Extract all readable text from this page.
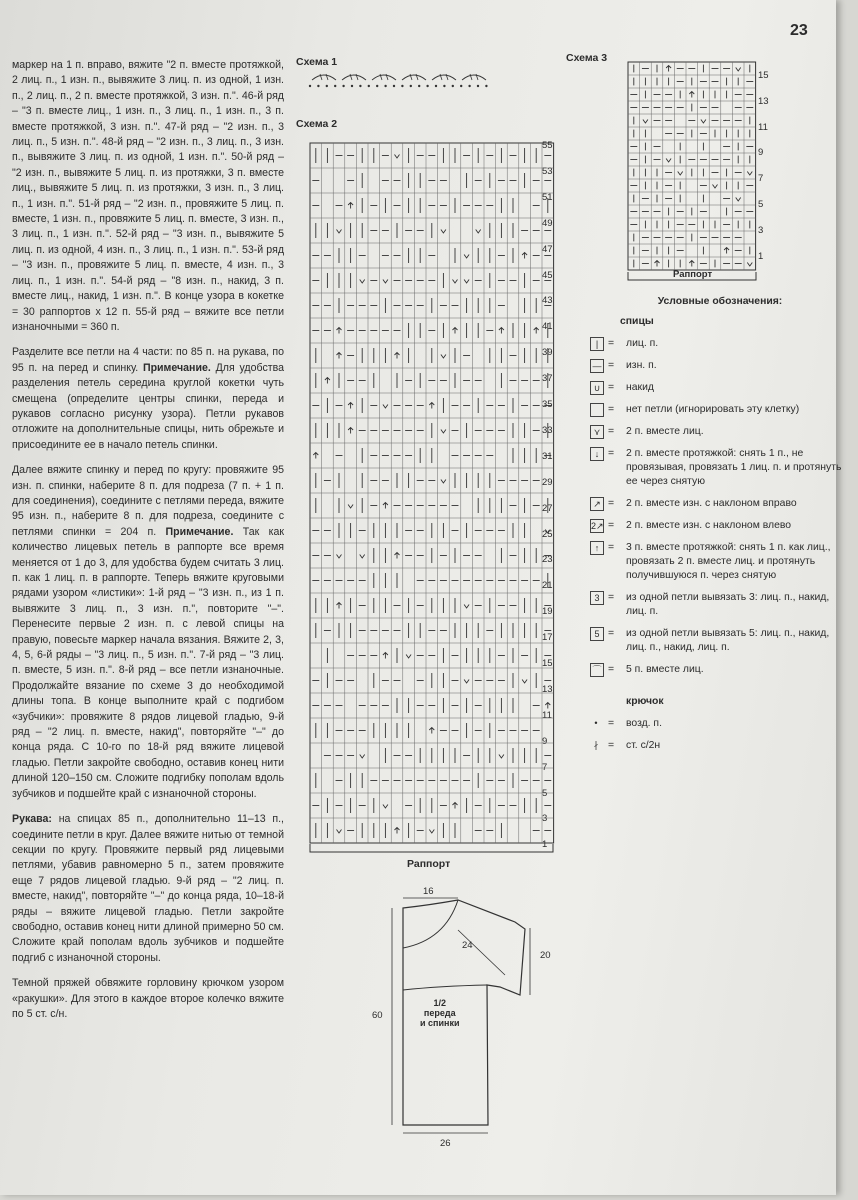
23

маркер на 1 п. вправо, вяжите "2 п. вместе протяжкой, 2 лиц. п., 1 изн. п., вывяжите 3 лиц. п. из одной, 1 изн. п., 2 лиц. п., 2 п. вместе протяжкой, 3 изн. п.". 46-й ряд – "3 п. вместе лиц., 1 изн. п., 3 лиц. п., 1 изн. п., 3 п. вместе протяжкой, 3 изн. п.". 47-й ряд – "2 изн. п., 3 лиц. п., 5 изн. п.". 48-й ряд – "2 изн. п., 3 лиц. п., 3 изн. п., вывяжите 3 лиц. п. из одной, 1 изн. п.". 50-й ряд – "2 изн. п., вывяжите 5 лиц. п. из протяжки, 3 п. вместе лиц., вывяжите 5 лиц. п. из протяжки, 3 изн. п., 3 лиц. п., 1 изн. п.". 51-й ряд – "2 изн. п., провяжите 5 лиц. п. вместе, 1 изн. п., провяжите 5 лиц. п. вместе, 3 изн. п., 3 лиц. п., 1 изн. п.". 52-й ряд – "3 изн. п., вывяжите 5 лиц. п. из одной, 4 изн. п., 3 лиц. п., 1 изн. п.". 53-й ряд – "3 изн. п., провяжите 5 лиц. п. вместе, 4 изн. п., 3 лиц. п., 1 изн. п.". 54-й ряд – "8 изн. п., накид, 3 п. вместе лиц., накид, 1 изн. п.". В конце узора в кокетке = 30 раппортов x 12 п. 55-й ряд – вяжите все петли изнаночными = 360 п.

Разделите все петли на 4 части: по 85 п. на рукава, по 95 п. на перед и спинку. Примечание. Для удобства разделения петель середина круглой кокетки чуть смещена (определите центры спинки, переда и рукавов согласно рисунку узора). Петли рукавов отложите на дополнительные спицы, нить обрежьте и присоедините ее в начало петель спинки.

Далее вяжите спинку и перед по кругу: провяжите 95 изн. п. спинки, наберите 8 п. для подреза (7 п. + 1 п. для соединения), соедините с петлями переда, вяжите 95 изн. п., наберите 8 п. для подреза, соедините с петлями спинки = 204 п. Примечание. Так как количество лицевых петель в раппорте все время меняется от 1 до 3, для удобства будем считать 3 лиц. п. как 1 лиц. п. в раппорте. Теперь вяжите круговыми рядами узором «листики»: 1-й ряд – "3 изн. п., из 1 п. вывяжите 3 лиц. п., 3 изн. п.", повторите "–". Перенесите первые 2 изн. п. с левой спицы на правую, повесьте маркер начала вязания. Вяжите 2, 3, 4, 5, 6-й ряды – "3 лиц. п., 5 изн. п.". 7-й ряд – "3 лиц. п. вместе, 5 изн. п.". 8-й ряд – все петли изнаночные. Продолжайте вязание по схеме 3 до необходимой длины топа. В конце выполните край с подгибом «зубчики»: провяжите 8 рядов лицевой гладью, 9-й ряд – "2 лиц. п. вместе, накид", повторяйте "–" до конца ряда. С 10-го по 18-й ряд вяжите лицевой гладью. Петли закройте свободно, оставив конец нити длиной 120–150 см. Сложите подгибку пополам вдоль зубчиков и подшейте край с изнаночной стороны.

Рукава: на спицах 85 п., дополнительно 11–13 п., соедините петли в круг. Далее вяжите нитью от темной секции по кругу. Провяжите первый ряд лицевыми петлями, убавив равномерно 5 п., затем провяжите еще 7 рядов лицевой гладью. 9-й ряд – "2 лиц. п. вместе, накид", повторяйте "–" до конца ряда, 10–18-й ряды – вяжите лицевой гладью. Петли закройте свободно, оставив конец нити длиной примерно 50 см. Сложите край пополам вдоль зубчиков и подшейте подгиб с изнаночной стороны.

Темной пряжей обвяжите горловину крючком узором «ракушки». Для этого в каждое второе колечко вяжите по 5 ст. с/н.

Схема 1
Схема 2
Схема 3
Раппорт
Раппорт
55
53
51
49
47
45
43
41
39
37
35
33
31
29
27
25
23
21
19
17
15
13
11
9
7
5
3
1
15
13
11
9
7
5
3
1
16
24
20
60
26
1/2
переда
и спинки
Условные обозначения:
спицы
| = лиц. п.
— = изн. п.
∪ = накид
= нет петли (игнорировать эту клетку)
⋎ = 2 п. вместе лиц.
↓ = 2 п. вместе протяжкой: снять 1 п., не провязывая, провязать 1 лиц. п. и протянуть ее через снятую
↗ = 2 п. вместе изн. с наклоном вправо
2↗ = 2 п. вместе изн. с наклоном влево
↑ = 3 п. вместе протяжкой: снять 1 п. как лиц., провязать 2 п. вместе лиц. и протянуть получившуюся п. через снятую
3 = из одной петли вывязать 3: лиц. п., накид, лиц. п.
5 = из одной петли вывязать 5: лиц. п., накид, лиц. п., накид, лиц. п.
⌒ = 5 п. вместе лиц.
крючок
•	= возд. п.
∤ = ст. с/2н
